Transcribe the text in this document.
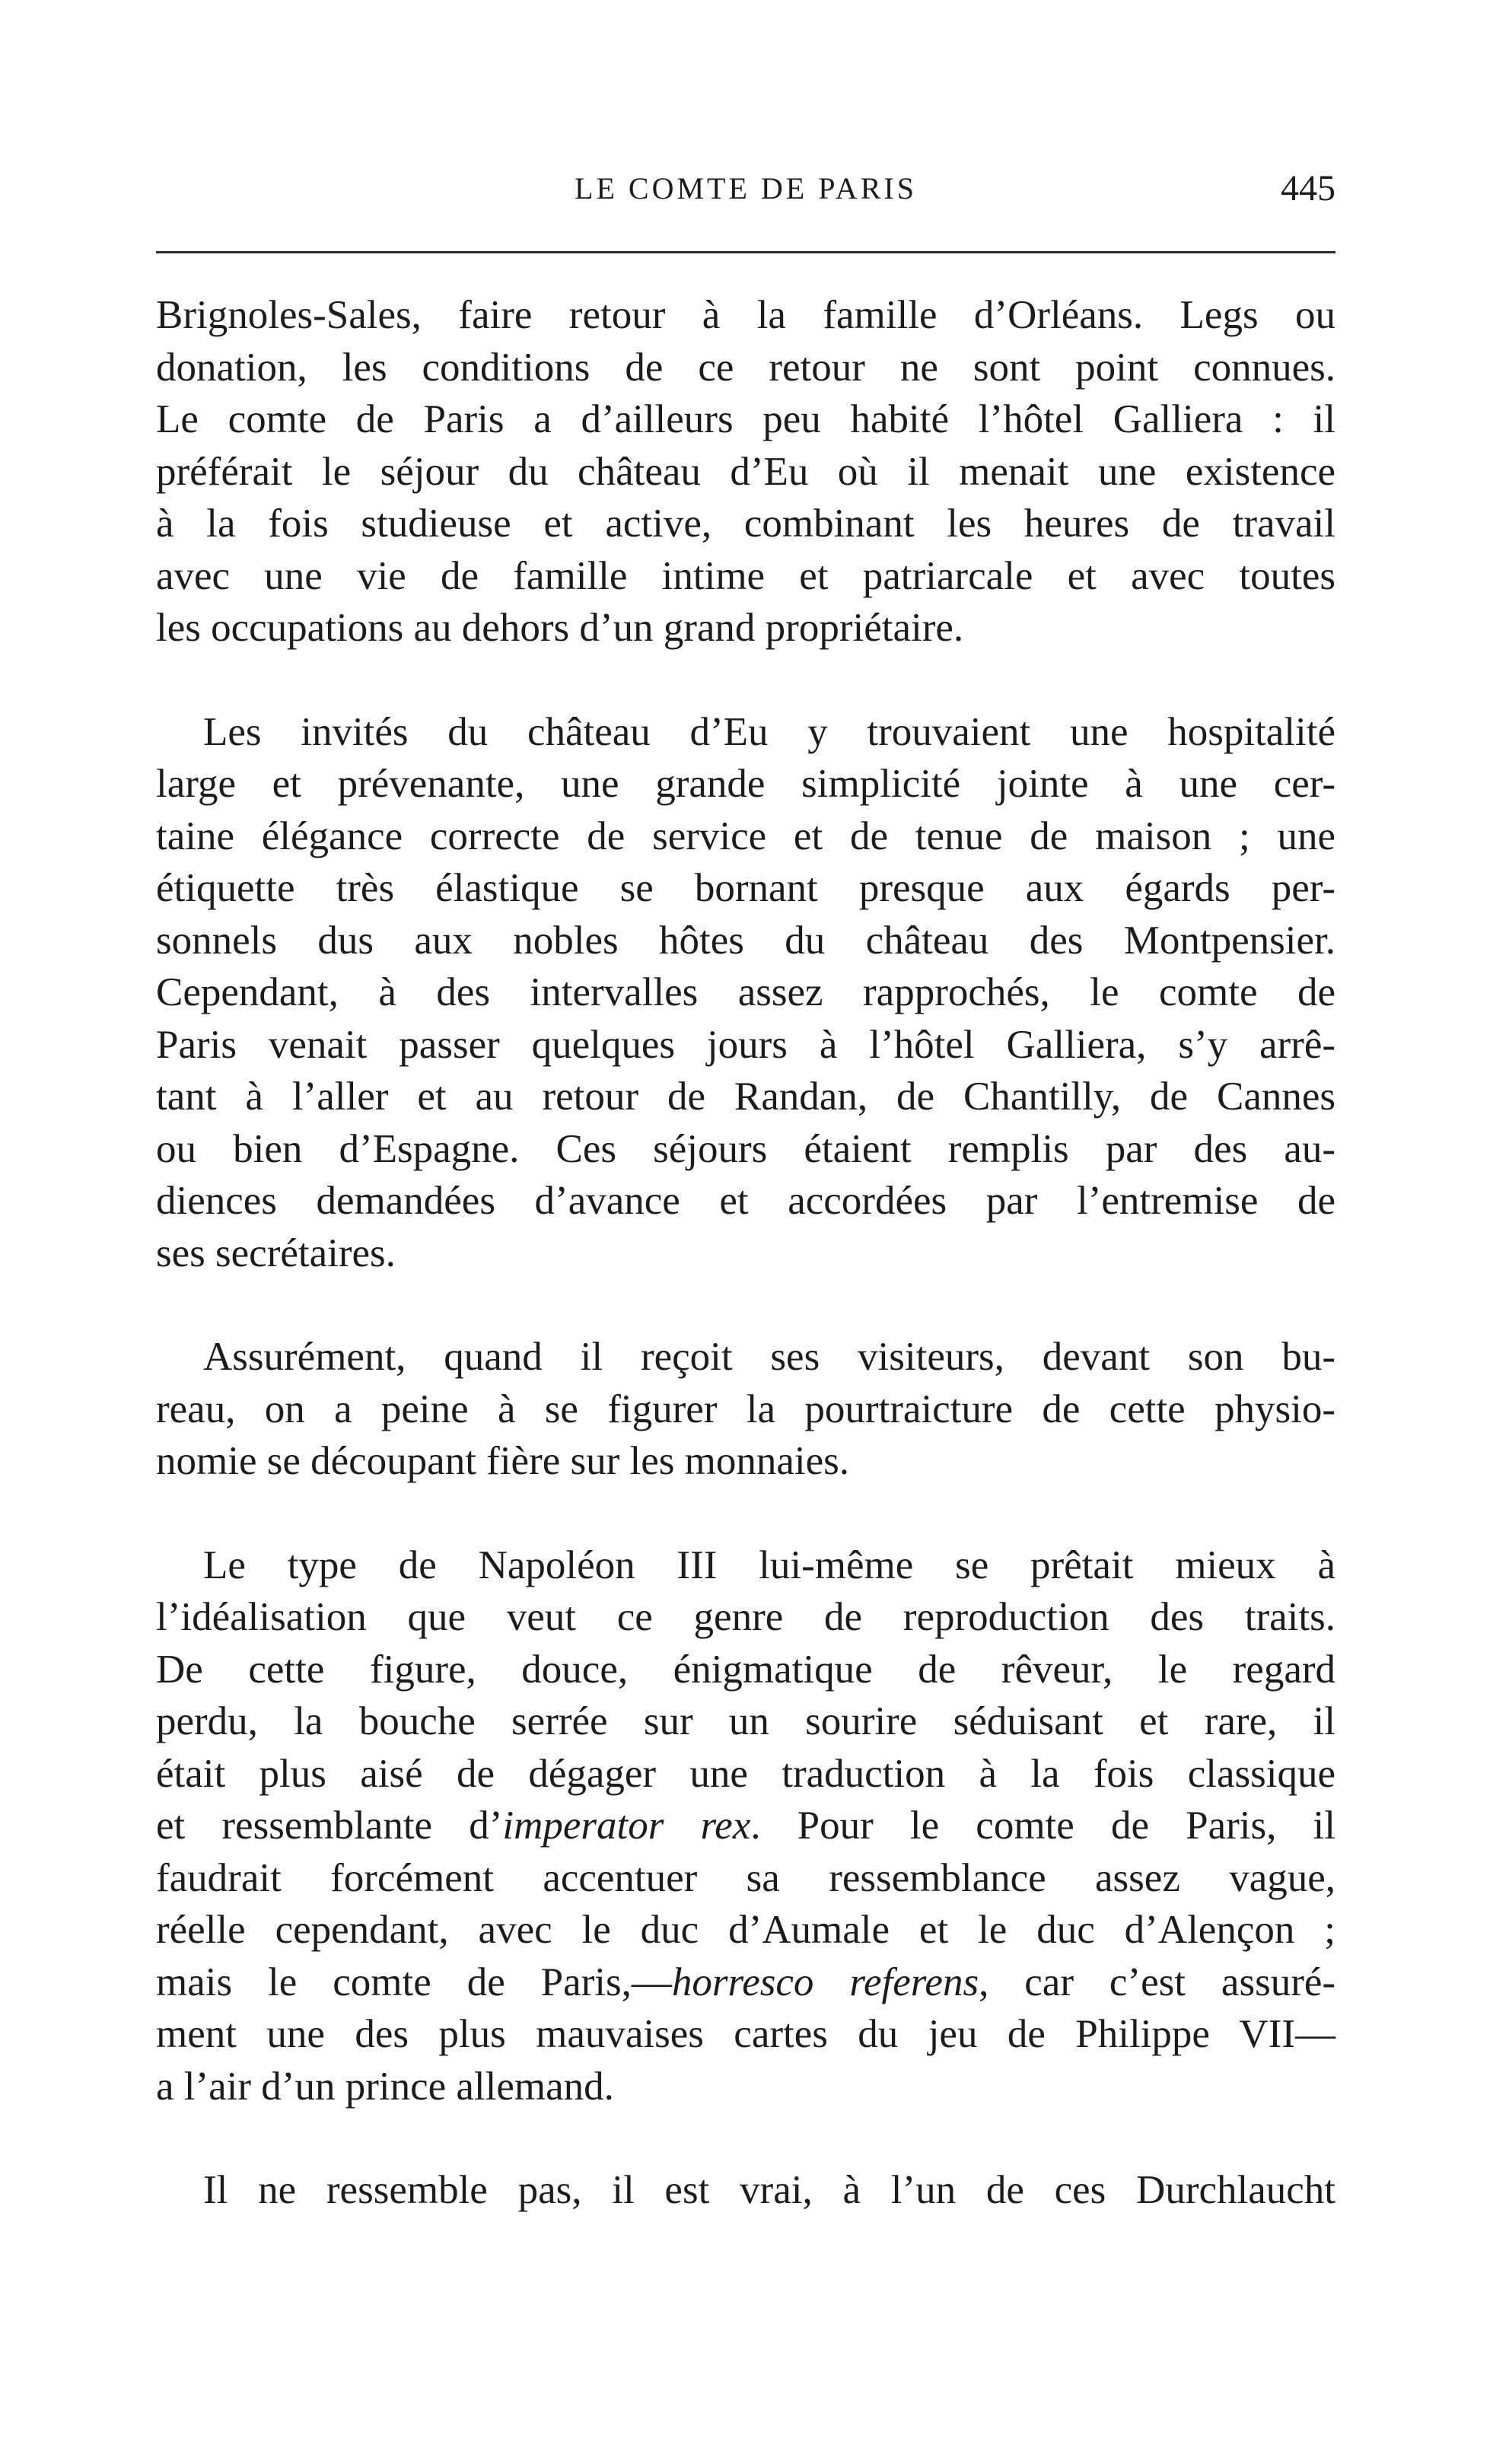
LE COMTE DE PARIS	445

Brignoles-Sales, faire retour à la famille d’Orléans. Legs ou
donation, les conditions de ce retour ne sont point connues.
Le comte de Paris a d’ailleurs peu habité l’hôtel Galliera : il
préférait le séjour du château d’Eu où il menait une existence
à la fois studieuse et active, combinant les heures de travail
avec une vie de famille intime et patriarcale et avec toutes
les occupations au dehors d’un grand propriétaire.

Les invités du château d’Eu y trouvaient une hospitalité
large et prévenante, une grande simplicité jointe à une cer-
taine élégance correcte de service et de tenue de maison ; une
étiquette très élastique se bornant presque aux égards per-
sonnels dus aux nobles hôtes du château des Montpensier.
Cependant, à des intervalles assez rapprochés, le comte de
Paris venait passer quelques jours à l’hôtel Galliera, s’y arrê-
tant à l’aller et au retour de Randan, de Chantilly, de Cannes
ou bien d’Espagne. Ces séjours étaient remplis par des au-
diences demandées d’avance et accordées par l’entremise de
ses secrétaires.

Assurément, quand il reçoit ses visiteurs, devant son bu-
reau, on a peine à se figurer la pourtraicture de cette physio-
nomie se découpant fière sur les monnaies.

Le type de Napoléon III lui-même se prêtait mieux à
l’idéalisation que veut ce genre de reproduction des traits.
De cette figure, douce, énigmatique de rêveur, le regard
perdu, la bouche serrée sur un sourire séduisant et rare, il
était plus aisé de dégager une traduction à la fois classique
et ressemblante d’imperator rex. Pour le comte de Paris, il
faudrait forcément accentuer sa ressemblance assez vague,
réelle cependant, avec le duc d’Aumale et le duc d’Alençon ;
mais le comte de Paris,—horresco referens, car c’est assuré-
ment une des plus mauvaises cartes du jeu de Philippe VII—
a l’air d’un prince allemand.

Il ne ressemble pas, il est vrai, à l’un de ces Durchlaucht
